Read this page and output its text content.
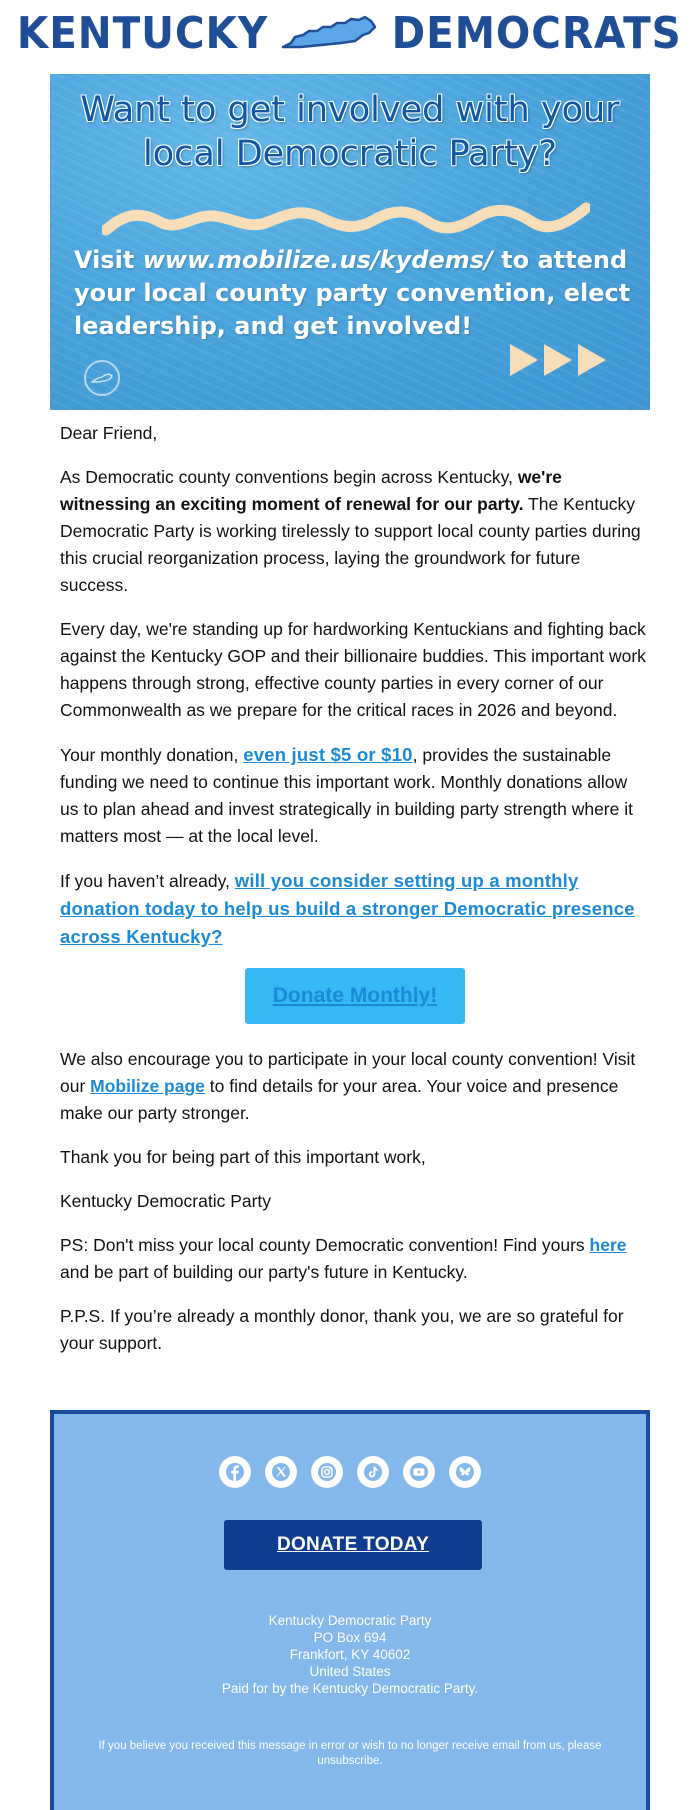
KENTUCKY	DEMOCRATS
Want to get involved with your local Democratic Party?
Visit www.mobilize.us/kydems/ to attend your local county party convention, elect leadership, and get involved!

Dear Friend,

As Democratic county conventions begin across Kentucky, we're witnessing an exciting moment of renewal for our party. The Kentucky Democratic Party is working tirelessly to support local county parties during this crucial reorganization process, laying the groundwork for future success.

Every day, we're standing up for hardworking Kentuckians and fighting back against the Kentucky GOP and their billionaire buddies. This important work happens through strong, effective county parties in every corner of our Commonwealth as we prepare for the critical races in 2026 and beyond.

Your monthly donation, even just $5 or $10, provides the sustainable funding we need to continue this important work. Monthly donations allow us to plan ahead and invest strategically in building party strength where it matters most — at the local level.

If you haven’t already, will you consider setting up a monthly donation today to help us build a stronger Democratic presence across Kentucky?

Donate Monthly!

We also encourage you to participate in your local county convention! Visit our Mobilize page to find details for your area. Your voice and presence make our party stronger.

Thank you for being part of this important work,

Kentucky Democratic Party

PS: Don't miss your local county Democratic convention! Find yours here and be part of building our party's future in Kentucky.

P.P.S. If you’re already a monthly donor, thank you, we are so grateful for your support.

DONATE TODAY
Kentucky Democratic Party
PO Box 694
Frankfort, KY 40602
United States
Paid for by the Kentucky Democratic Party.
If you believe you received this message in error or wish to no longer receive email from us, please unsubscribe.
